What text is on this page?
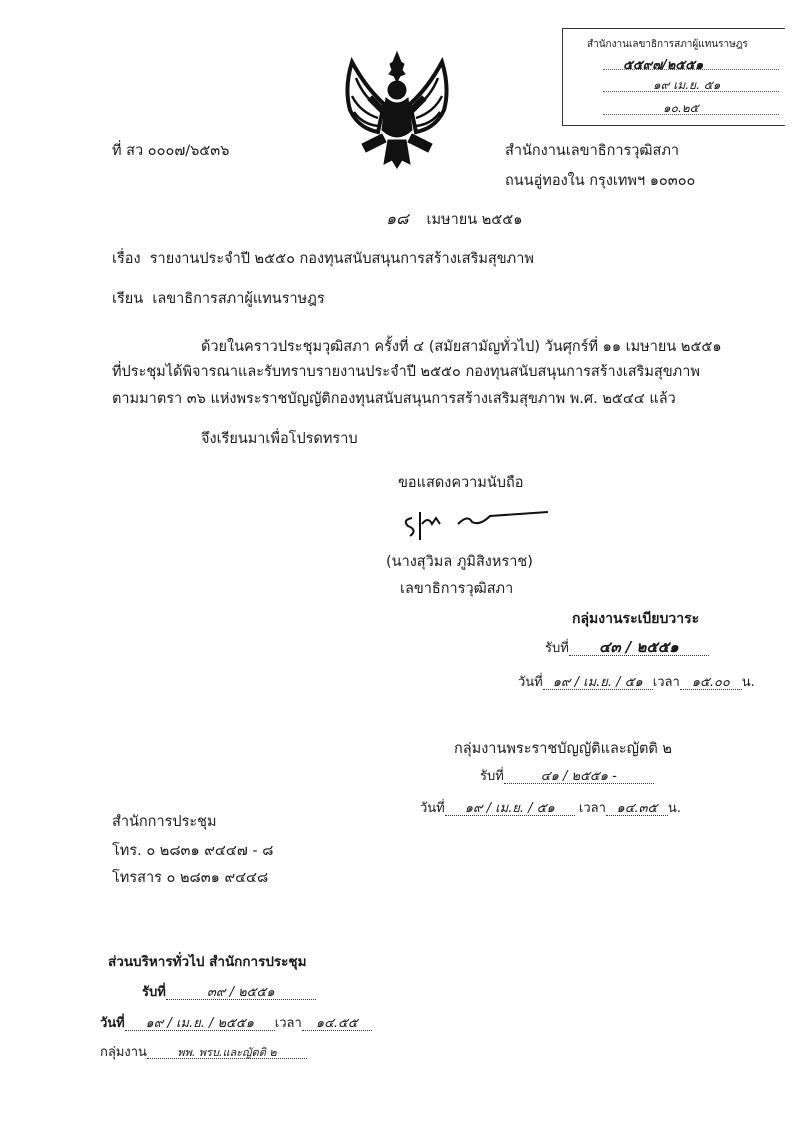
สำนักงานเลขาธิการสภาผู้แทนราษฎร
๕๕๙๗/๒๕๕๑
๑๙ เม.ย. ๕๑
๑๐.๒๕
ที่ สว ๐๐๐๗/๖๕๓๖	สำนักงานเลขาธิการวุฒิสภา
ถนนอู่ทองใน กรุงเทพฯ ๑๐๓๐๐
๑๘ เมษายน ๒๕๕๑
เรื่อง รายงานประจำปี ๒๕๕๐ กองทุนสนับสนุนการสร้างเสริมสุขภาพ
เรียน เลขาธิการสภาผู้แทนราษฎร
ด้วยในคราวประชุมวุฒิสภา ครั้งที่ ๔ (สมัยสามัญทั่วไป) วันศุกร์ที่ ๑๑ เมษายน ๒๕๕๑
ที่ประชุมได้พิจารณาและรับทราบรายงานประจำปี ๒๕๕๐ กองทุนสนับสนุนการสร้างเสริมสุขภาพ
ตามมาตรา ๓๖ แห่งพระราชบัญญัติกองทุนสนับสนุนการสร้างเสริมสุขภาพ พ.ศ. ๒๕๔๔ แล้ว
จึงเรียนมาเพื่อโปรดทราบ
ขอแสดงความนับถือ
(นางสุวิมล ภูมิสิงหราช)
เลขาธิการวุฒิสภา
กลุ่มงานระเบียบวาระ
รับที่ ๔๓ / ๒๕๕๑
วันที่ ๑๙ / เม.ย. / ๕๑ เวลา ๑๕.๐๐ น.
กลุ่มงานพระราชบัญญัติและญัตติ ๒
รับที่	๔๑ / ๒๕๕๑ -
วันที่ ๑๙ / เม.ย. / ๕๑ เวลา ๑๔.๓๕ น.
สำนักการประชุม
โทร. ๐ ๒๘๓๑ ๙๔๔๗ - ๘
โทรสาร ๐ ๒๘๓๑ ๙๔๔๘
ส่วนบริหารทั่วไป สำนักการประชุม
รับที่	๓๙ / ๒๕๕๑
วันที่ ๑๙ / เม.ย. / ๒๕๕๑ เวลา ๑๔.๕๕
กลุ่มงาน	พพ. พรบ.และญัตติ ๒
